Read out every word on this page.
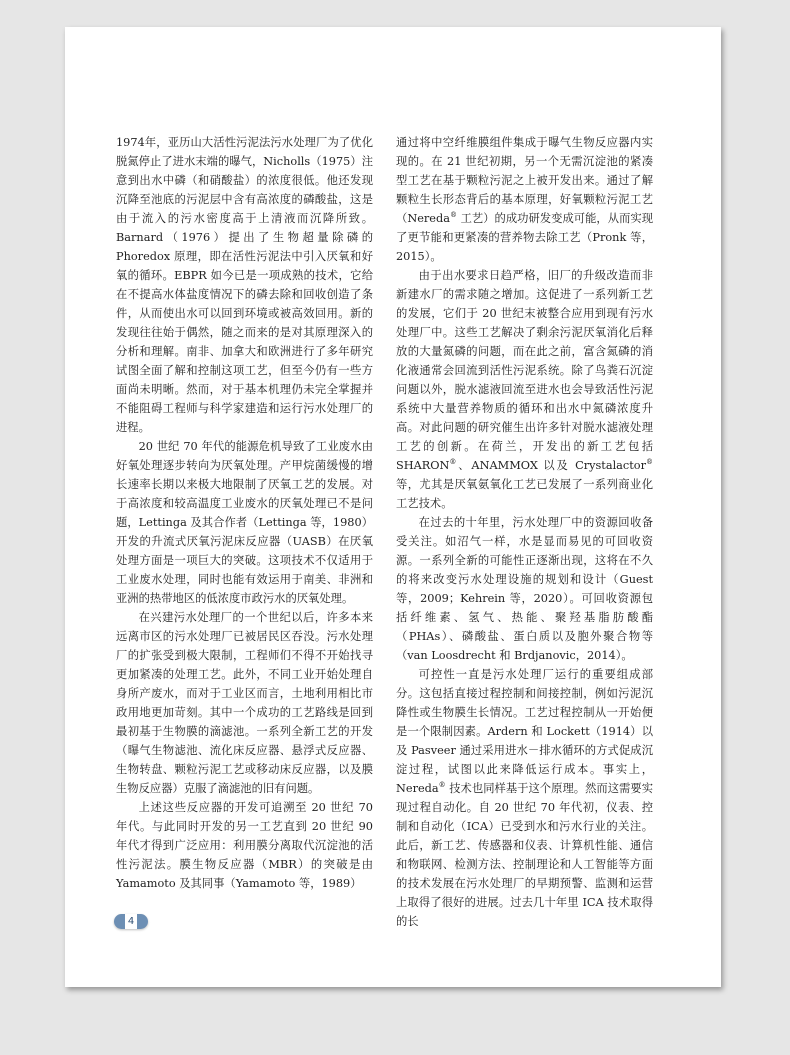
1974年，亚历山大活性污泥法污水处理厂为了优化脱氮停止了进水末端的曝气，Nicholls（1975）注意到出水中磷（和硝酸盐）的浓度很低。他还发现沉降至池底的污泥层中含有高浓度的磷酸盐，这是由于流入的污水密度高于上清液而沉降所致。Barnard（1976）提出了生物超量除磷的 Phoredox 原理，即在活性污泥法中引入厌氧和好氧的循环。EBPR 如今已是一项成熟的技术，它给在不提高水体盐度情况下的磷去除和回收创造了条件，从而使出水可以回到环境或被高效回用。新的发现往往始于偶然，随之而来的是对其原理深入的分析和理解。南非、加拿大和欧洲进行了多年研究试图全面了解和控制这项工艺，但至今仍有一些方面尚未明晰。然而，对于基本机理仍未完全掌握并不能阻碍工程师与科学家建造和运行污水处理厂的进程。

20 世纪 70 年代的能源危机导致了工业废水由好氧处理逐步转向为厌氧处理。产甲烷菌缓慢的增长速率长期以来极大地限制了厌氧工艺的发展。对于高浓度和较高温度工业废水的厌氧处理已不是问题，Lettinga 及其合作者（Lettinga 等，1980）开发的升流式厌氧污泥床反应器（UASB）在厌氧处理方面是一项巨大的突破。这项技术不仅适用于工业废水处理，同时也能有效运用于南美、非洲和亚洲的热带地区的低浓度市政污水的厌氧处理。

在兴建污水处理厂的一个世纪以后，许多本来远离市区的污水处理厂已被居民区吞没。污水处理厂的扩张受到极大限制，工程师们不得不开始找寻更加紧凑的处理工艺。此外，不同工业开始处理自身所产废水，而对于工业区而言，土地利用相比市政用地更加苛刻。其中一个成功的工艺路线是回到最初基于生物膜的滴滤池。一系列全新工艺的开发（曝气生物滤池、流化床反应器、悬浮式反应器、生物转盘、颗粒污泥工艺或移动床反应器，以及膜生物反应器）克服了滴滤池的旧有问题。

上述这些反应器的开发可追溯至 20 世纪 70 年代。与此同时开发的另一工艺直到 20 世纪 90 年代才得到广泛应用：利用膜分离取代沉淀池的活性污泥法。膜生物反应器（MBR）的突破是由 Yamamoto 及其同事（Yamamoto 等，1989）

通过将中空纤维膜组件集成于曝气生物反应器内实现的。在 21 世纪初期，另一个无需沉淀池的紧凑型工艺在基于颗粒污泥之上被开发出来。通过了解颗粒生长形态背后的基本原理，好氧颗粒污泥工艺（Nereda® 工艺）的成功研发变成可能，从而实现了更节能和更紧凑的营养物去除工艺（Pronk 等，2015）。

由于出水要求日趋严格，旧厂的升级改造而非新建水厂的需求随之增加。这促进了一系列新工艺的发展，它们于 20 世纪末被整合应用到现有污水处理厂中。这些工艺解决了剩余污泥厌氧消化后释放的大量氮磷的问题，而在此之前，富含氮磷的消化液通常会回流到活性污泥系统。除了鸟粪石沉淀问题以外，脱水滤液回流至进水也会导致活性污泥系统中大量营养物质的循环和出水中氮磷浓度升高。对此问题的研究催生出许多针对脱水滤液处理工艺的创新。在荷兰，开发出的新工艺包括 SHARON®、ANAMMOX 以及 Crystalactor®等，尤其是厌氧氨氧化工艺已发展了一系列商业化工艺技术。

在过去的十年里，污水处理厂中的资源回收备受关注。如沼气一样，水是显而易见的可回收资源。一系列全新的可能性正逐渐出现，这将在不久的将来改变污水处理设施的规划和设计（Guest 等，2009；Kehrein 等，2020）。可回收资源包括纤维素、氢气、热能、聚羟基脂肪酸酯（PHAs）、磷酸盐、蛋白质以及胞外聚合物等（van Loosdrecht 和 Brdjanovic，2014）。

可控性一直是污水处理厂运行的重要组成部分。这包括直接过程控制和间接控制，例如污泥沉降性或生物膜生长情况。工艺过程控制从一开始便是一个限制因素。Ardern 和 Lockett（1914）以及 Pasveer 通过采用进水－排水循环的方式促成沉淀过程，试图以此来降低运行成本。事实上，Nereda® 技术也同样基于这个原理。然而这需要实现过程自动化。自 20 世纪 70 年代初，仪表、控制和自动化（ICA）已受到水和污水行业的关注。此后，新工艺、传感器和仪表、计算机性能、通信和物联网、检测方法、控制理论和人工智能等方面的技术发展在污水处理厂的早期预警、监测和运营上取得了很好的进展。过去几十年里 ICA 技术取得的长

4
